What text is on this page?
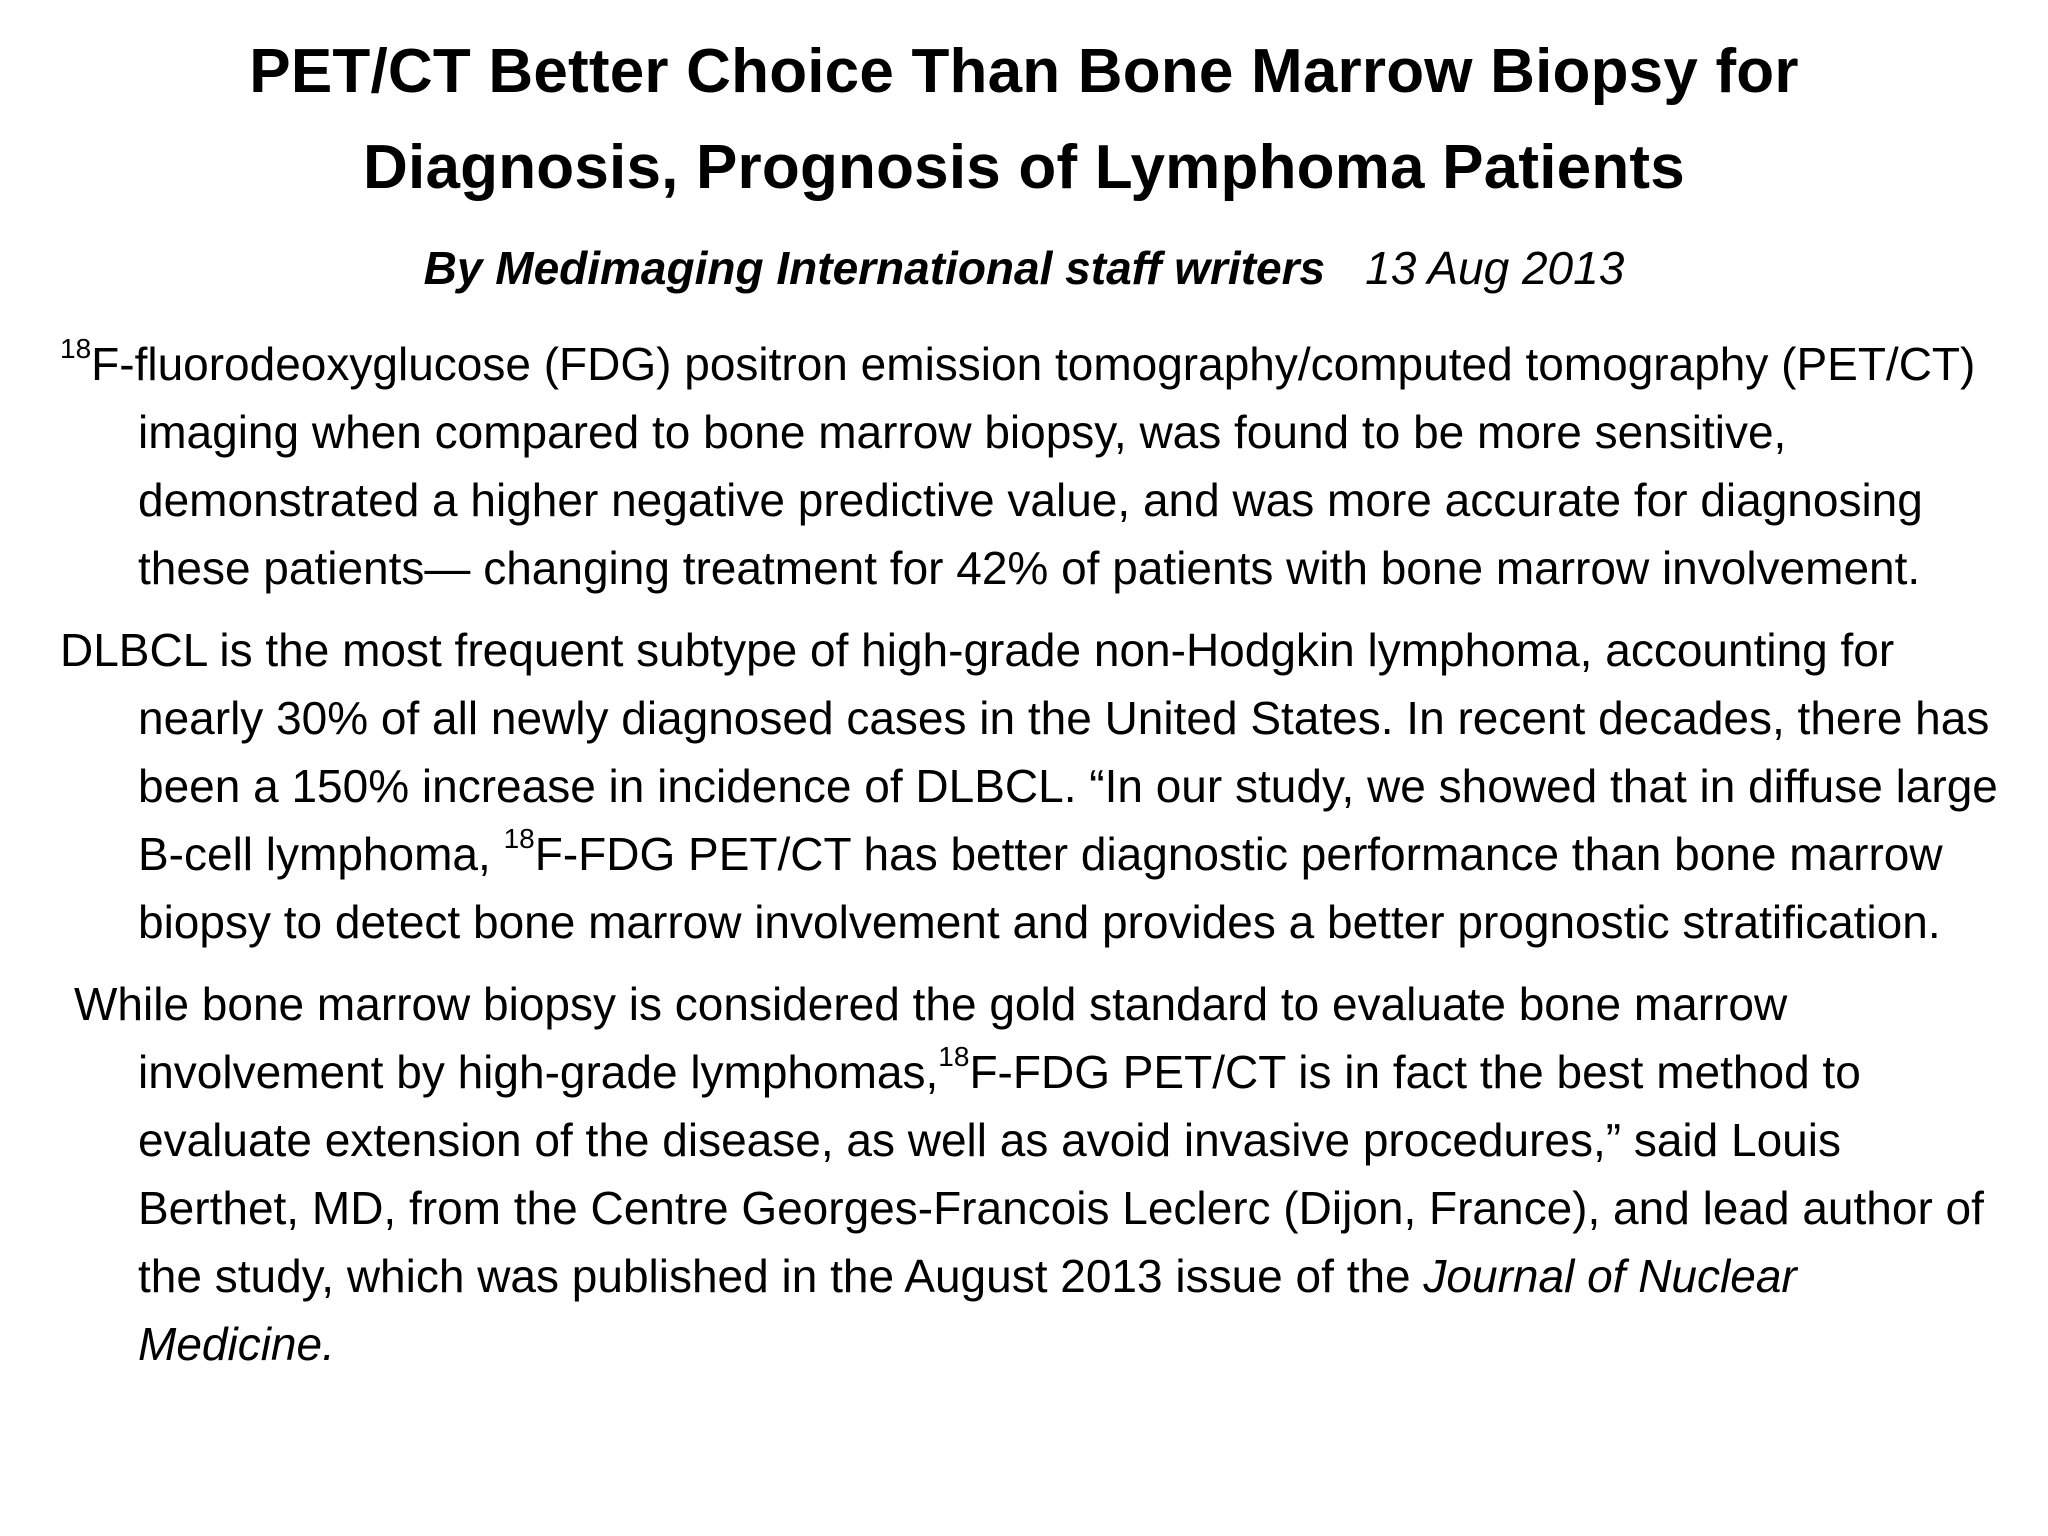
PET/CT Better Choice Than Bone Marrow Biopsy for
Diagnosis, Prognosis of Lymphoma Patients
By Medimaging International staff writers 13 Aug 2013

$^{18}$F-fluorodeoxyglucose (FDG) positron emission tomography/computed tomography (PET/CT) imaging when compared to bone marrow biopsy, was found to be more sensitive, demonstrated a higher negative predictive value, and was more accurate for diagnosing these patients— changing treatment for 42% of patients with bone marrow involvement.

DLBCL is the most frequent subtype of high-grade non-Hodgkin lymphoma, accounting for nearly 30% of all newly diagnosed cases in the United States. In recent decades, there has been a 150% increase in incidence of DLBCL. “In our study, we showed that in diffuse large B-cell lymphoma, $^{18}$F-FDG PET/CT has better diagnostic performance than bone marrow biopsy to detect bone marrow involvement and provides a better prognostic stratification.

While bone marrow biopsy is considered the gold standard to evaluate bone marrow involvement by high-grade lymphomas,$^{18}$F-FDG PET/CT is in fact the best method to evaluate extension of the disease, as well as avoid invasive procedures,” said Louis Berthet, MD, from the Centre Georges-Francois Leclerc (Dijon, France), and lead author of the study, which was published in the August 2013 issue of the Journal of Nuclear Medicine.
